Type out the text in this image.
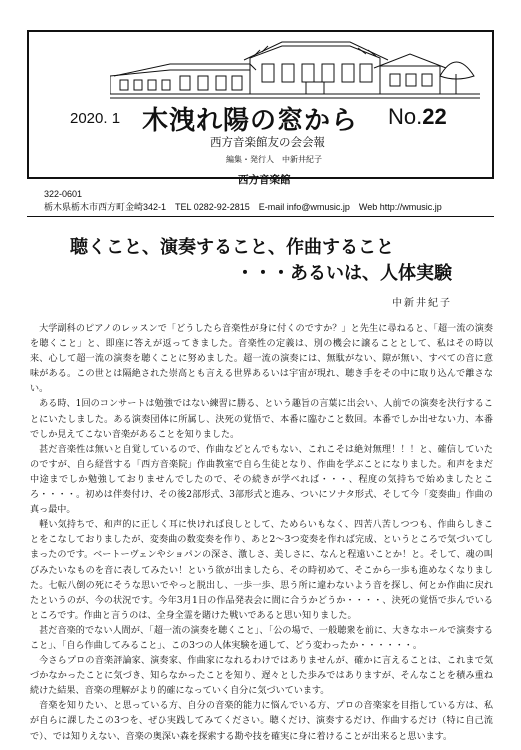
2020. 1 木洩れ陽の窓から No.22
西方音楽館友の会会報
編集・発行人　中新井紀子
西方音楽館
322-0601
栃木県栃木市西方町金崎342-1　TEL 0282-92-2815　E-mail info@wmusic.jp　Web http://wmusic.jp
聴くこと、演奏すること、作曲すること
・・・あるいは、人体実験
中新井紀子

大学副科のピアノのレッスンで「どうしたら音楽性が身に付くのですか？」と先生に尋ねると、「超一流の演奏を聴くこと」と、即座に答えが返ってきました。音楽性の定義は、別の機会に譲ることとして、私はその時以来、心して超一流の演奏を聴くことに努めました。超一流の演奏には、無駄がない、隙が無い、すべての音に意味がある。この世とは隔絶された崇高とも言える世界あるいは宇宙が現れ、聴き手をその中に取り込んで離さない。

ある時、1回のコンサートは勉強ではない練習に勝る、という趣旨の言葉に出会い、人前での演奏を決行することにいたしました。ある演奏団体に所属し、決死の覚悟で、本番に臨むこと数回。本番でしか出せない力、本番でしか見えてこない音楽があることを知りました。

甚だ音楽性は無いと自覚しているので、作曲などとんでもない、これこそは絶対無理！！！と、確信していたのですが、自ら経営する「西方音楽院」作曲教室で自ら生徒となり、作曲を学ぶことになりました。和声をまだ中途までしか勉強しておりませんでしたので、その続きが学べれば・・・、程度の気持ちで始めましたところ・・・・。初めは伴奏付け、その後2部形式、3部形式と進み、ついにソナタ形式、そして今「変奏曲」作曲の真っ最中。

軽い気持ちで、和声的に正しく耳に快ければ良しとして、ためらいもなく、四苦八苦しつつも、作曲らしきことをこなしておりましたが、変奏曲の数変奏を作り、あと2～3つ変奏を作れば完成、というところで気づいてしまったのです。ベートーヴェンやショパンの深さ、激しさ、美しさに、なんと程遠いことか！と。そして、魂の叫びみたいなものを音に表してみたい！という欲が出ましたら、その時初めて、そこから一歩も進めなくなりました。七転八倒の死にそうな思いでやっと脱出し、一歩一歩、思う所に違わないよう音を探し、何とか作曲に戻れたというのが、今の状況です。今年3月1日の作品発表会に間に合うかどうか・・・・、決死の覚悟で歩んでいるところです。作曲と言うのは、全身全霊を賭けた戦いであると思い知りました。

甚だ音楽的でない人間が、「超一流の演奏を聴くこと」、「公の場で、一般聴衆を前に、大きなホールで演奏すること」、「自ら作曲してみること」、この3つの人体実験を通して、どう変わったか・・・・・・。

今さらプロの音楽評論家、演奏家、作曲家になれるわけではありませんが、確かに言えることは、これまで気づかなかったことに気づき、知らなかったことを知り、遅々とした歩みではありますが、そんなことを積み重ね続けた結果、音楽の理解がより的確になっていく自分に気づいています。

音楽を知りたい、と思っている方、自分の音楽的能力に悩んでいる方、プロの音楽家を目指している方は、私が自らに課したこの3つを、ぜひ実践してみてください。聴くだけ、演奏するだけ、作曲するだけ（特に自己流で）、では知りえない、音楽の奥深い森を探索する勘や技を確実に身に着けることが出来ると思います。
